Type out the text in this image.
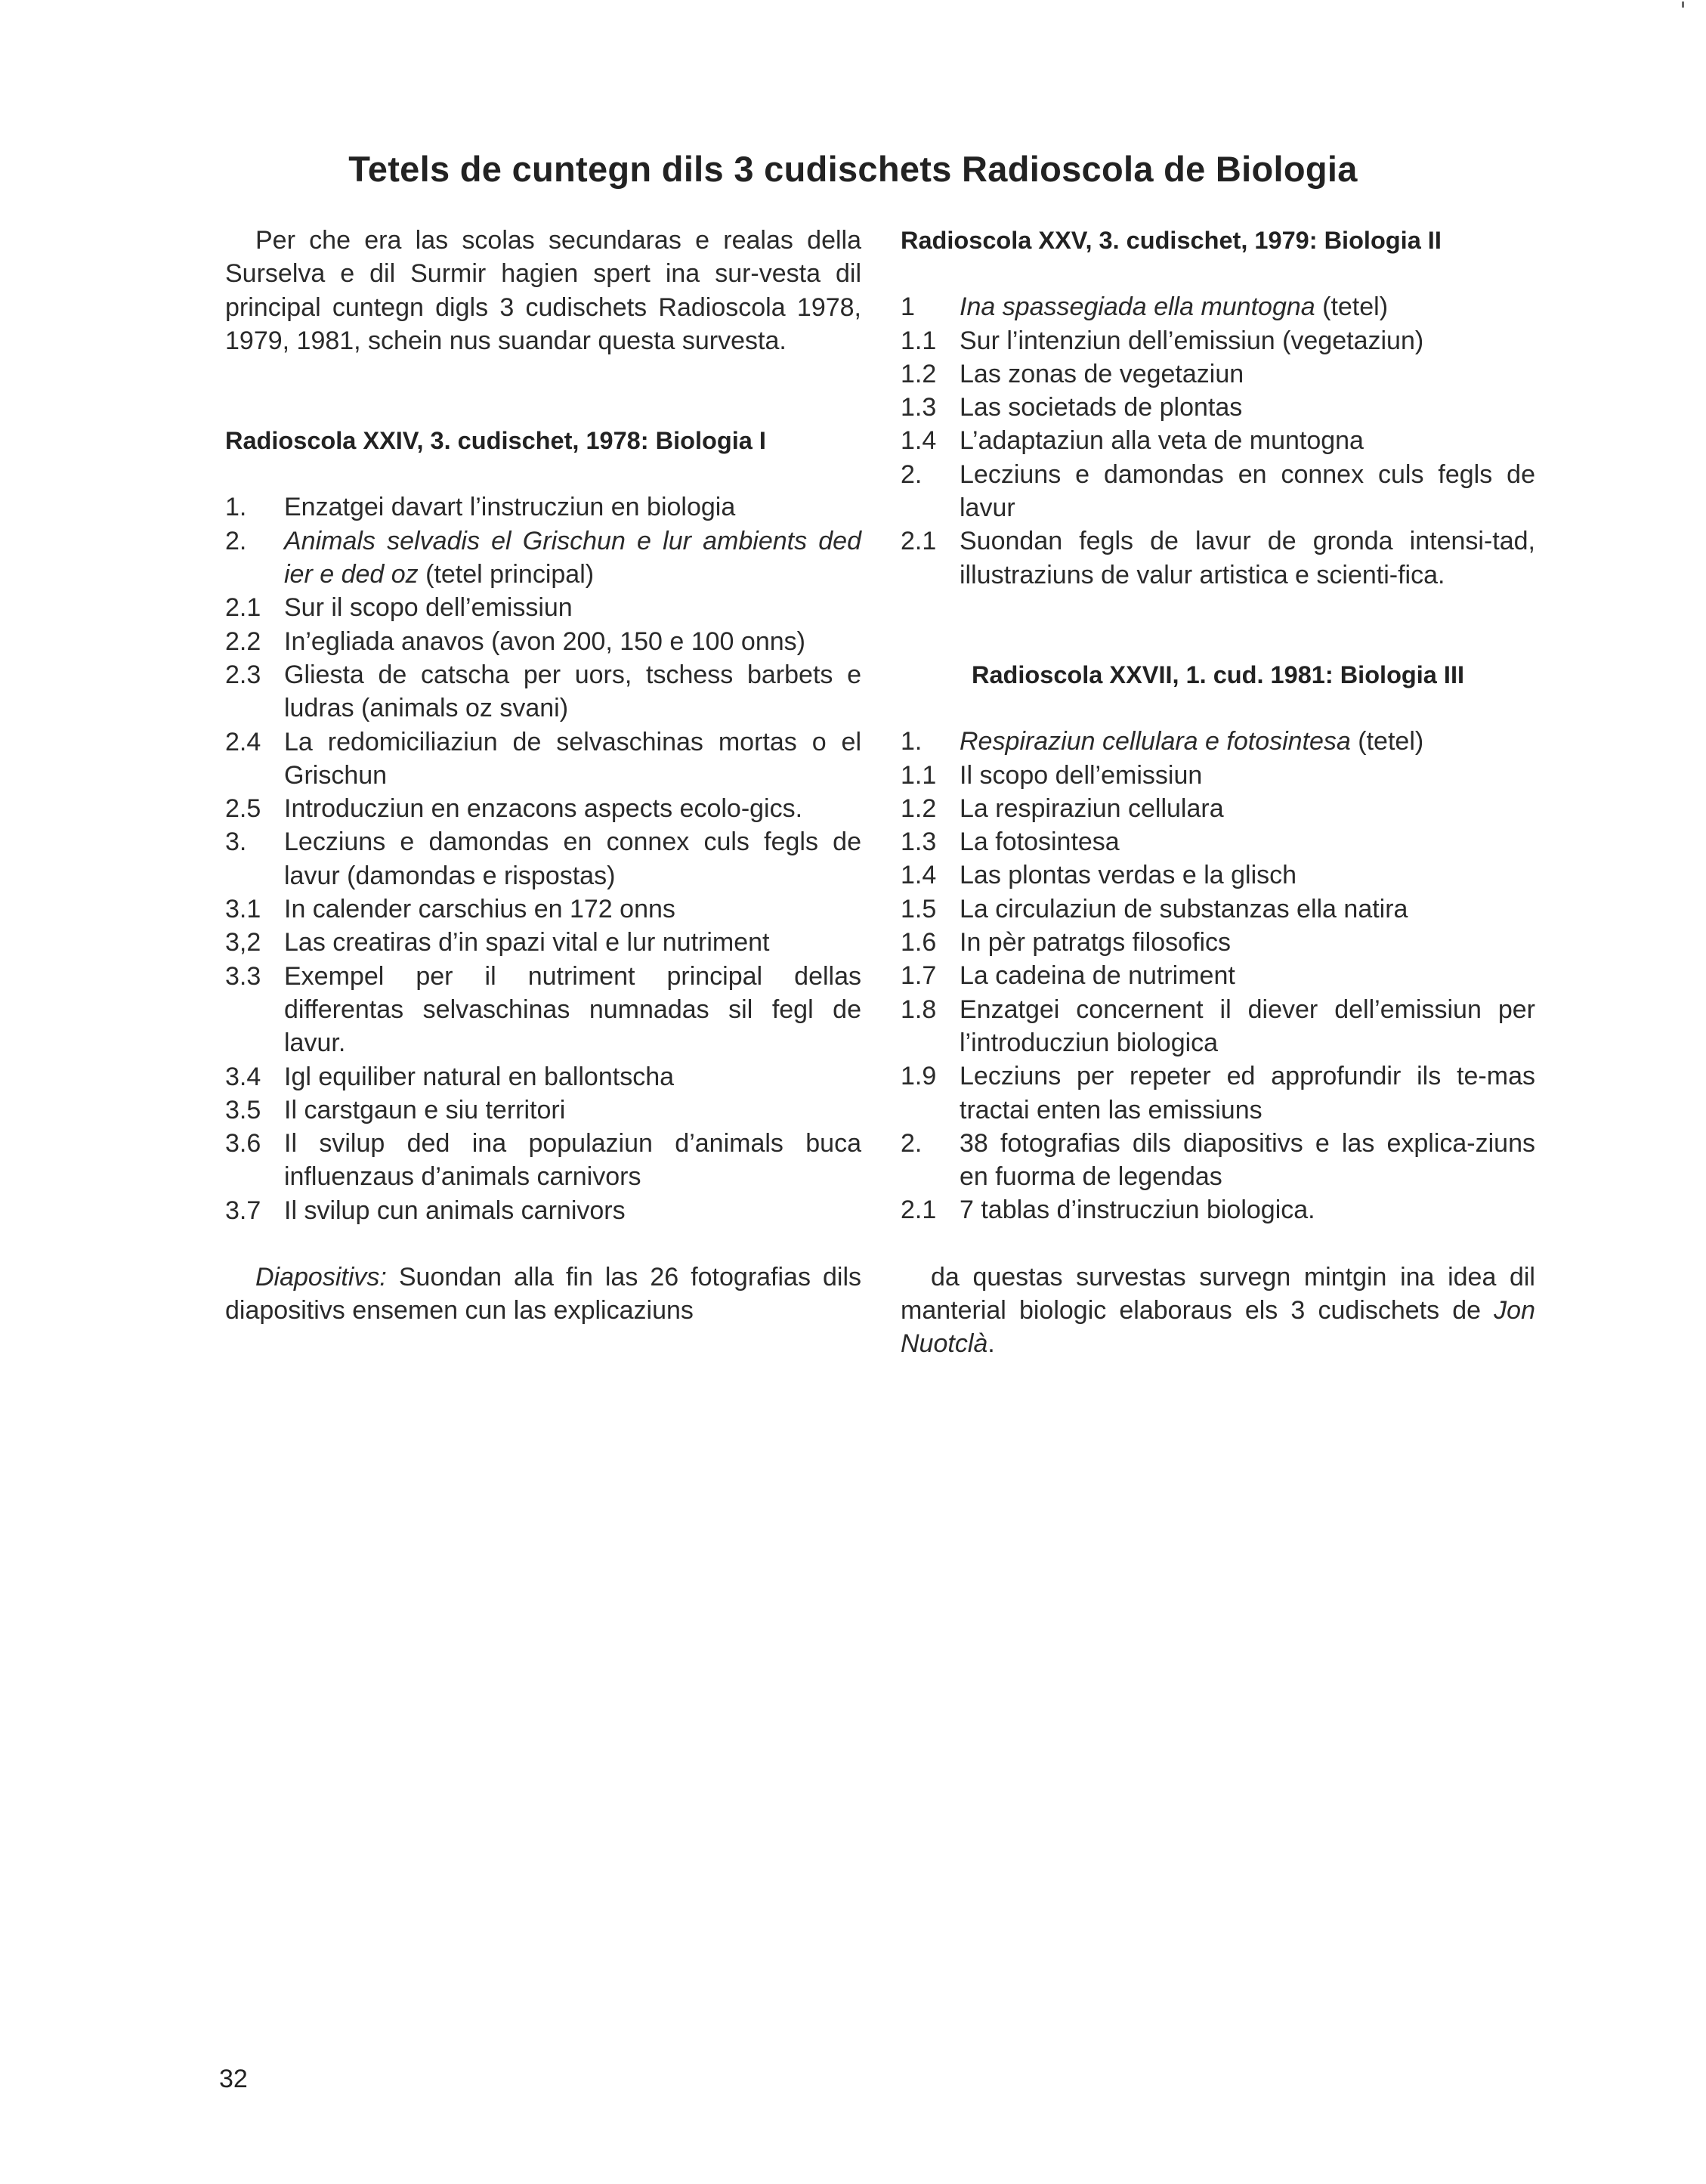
Tetels de cuntegn dils 3 cudischets Radioscola de Biologia

Per che era las scolas secundaras e realas della Surselva e dil Surmir hagien spert ina sur-vesta dil principal cuntegn digls 3 cudischets Radioscola 1978, 1979, 1981, schein nus suandar questa survesta.

Radioscola XXIV, 3. cudischet, 1978: Biologia I

1.	Enzatgei davart l’instrucziun en biologia
2.	Animals selvadis el Grischun e lur ambients ded ier e ded oz (tetel principal)
2.1 Sur il scopo dell’emissiun
2.2 In’egliada anavos (avon 200, 150 e 100 onns)
2.3 Gliesta de catscha per uors, tschess barbets e ludras (animals oz svani)
2.4 La redomiciliaziun de selvaschinas mortas o el Grischun
2.5 Introducziun en enzacons aspects ecolo-gics.
3.	Lecziuns e damondas en connex culs fegls de lavur (damondas e rispostas)
3.1 In calender carschius en 172 onns
3,2 Las creatiras d’in spazi vital e lur nutriment
3.3 Exempel per il nutriment principal dellas differentas selvaschinas numnadas sil fegl de lavur.
3.4 Igl equiliber natural en ballontscha
3.5 Il carstgaun e siu territori
3.6 Il svilup ded ina populaziun d’animals buca influenzaus d’animals carnivors
3.7 Il svilup cun animals carnivors

Diapositivs: Suondan alla fin las 26 fotografias dils diapositivs ensemen cun las explicaziuns

Radioscola XXV, 3. cudischet, 1979: Biologia II

1	Ina spassegiada ella muntogna (tetel)
1.1 Sur l’intenziun dell’emissiun (vegetaziun)
1.2 Las zonas de vegetaziun
1.3 Las societads de plontas
1.4 L’adaptaziun alla veta de muntogna
2.	Lecziuns e damondas en connex culs fegls de lavur
2.1 Suondan fegls de lavur de gronda intensi-tad, illustraziuns de valur artistica e scienti-fica.

Radioscola XXVII, 1. cud. 1981: Biologia III

1.	Respiraziun cellulara e fotosintesa (tetel)
1.1 Il scopo dell’emissiun
1.2 La respiraziun cellulara
1.3 La fotosintesa
1.4 Las plontas verdas e la glisch
1.5 La circulaziun de substanzas ella natira
1.6 In pèr patratgs filosofics
1.7 La cadeina de nutriment
1.8 Enzatgei concernent il diever dell’emissiun per l’introducziun biologica
1.9 Lecziuns per repeter ed approfundir ils te-mas tractai enten las emissiuns
2.	38 fotografias dils diapositivs e las explica-ziuns en fuorma de legendas
2.1 7 tablas d’instrucziun biologica.

da questas survestas survegn mintgin ina idea dil manterial biologic elaboraus els 3 cudischets de Jon Nuotclà.

32
